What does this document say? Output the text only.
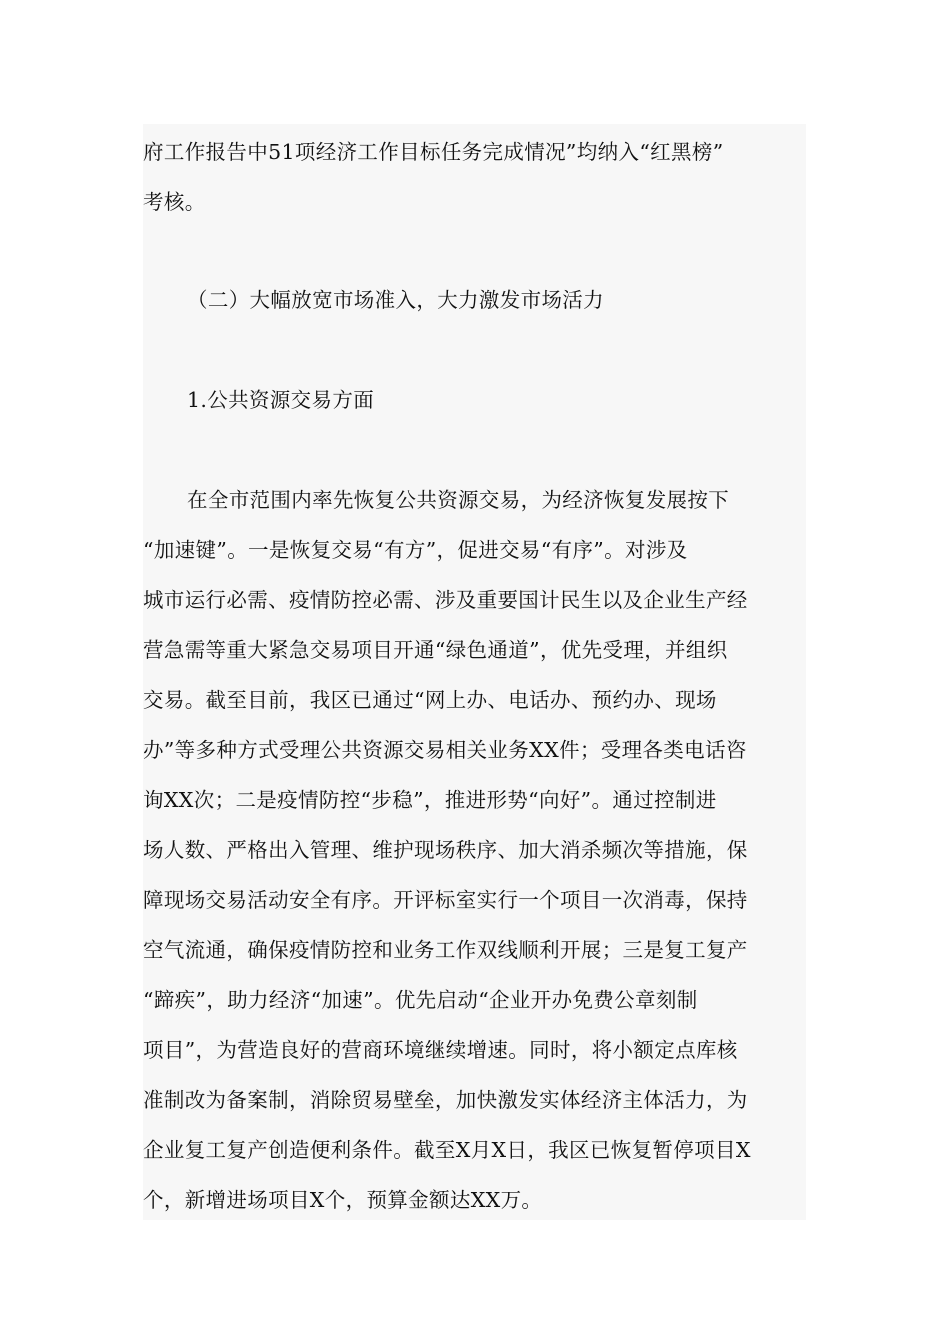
府工作报告中51项经济工作目标任务完成情况”均纳入“红黑榜”
考核。
（二）大幅放宽市场准入，大力激发市场活力
1.公共资源交易方面
在全市范围内率先恢复公共资源交易，为经济恢复发展按下
“加速键”。一是恢复交易“有方”，促进交易“有序”。对涉及
城市运行必需、疫情防控必需、涉及重要国计民生以及企业生产经
营急需等重大紧急交易项目开通“绿色通道”，优先受理，并组织
交易。截至目前，我区已通过“网上办、电话办、预约办、现场
办”等多种方式受理公共资源交易相关业务XX件；受理各类电话咨
询XX次；二是疫情防控“步稳”，推进形势“向好”。通过控制进
场人数、严格出入管理、维护现场秩序、加大消杀频次等措施，保
障现场交易活动安全有序。开评标室实行一个项目一次消毒，保持
空气流通，确保疫情防控和业务工作双线顺利开展；三是复工复产
“蹄疾”，助力经济“加速”。优先启动“企业开办免费公章刻制
项目”，为营造良好的营商环境继续增速。同时，将小额定点库核
准制改为备案制，消除贸易壁垒，加快激发实体经济主体活力，为
企业复工复产创造便利条件。截至X月X日，我区已恢复暂停项目X
个，新增进场项目X个，预算金额达XX万。
